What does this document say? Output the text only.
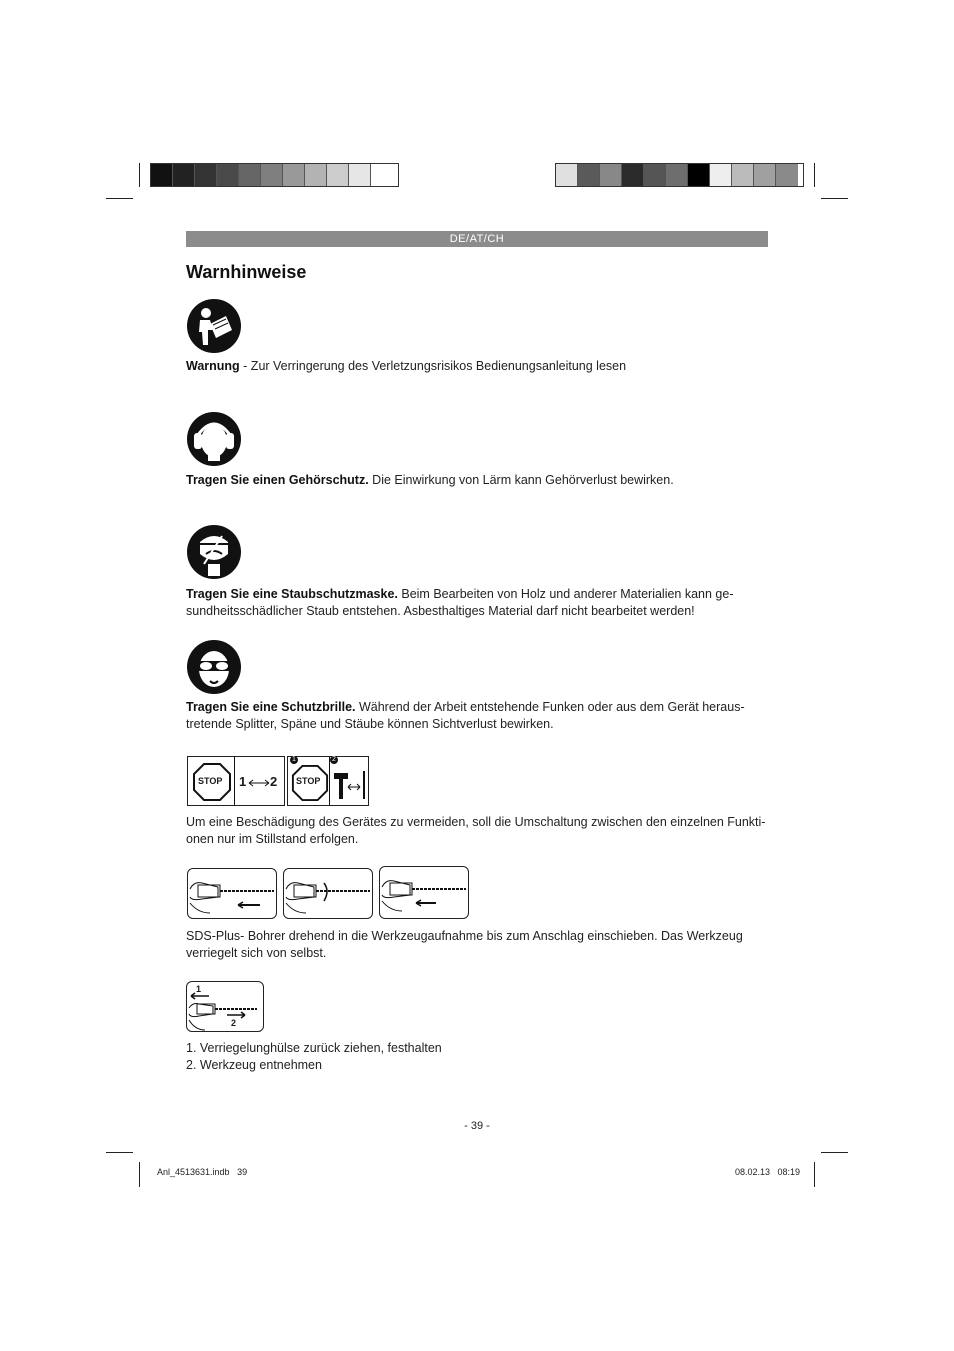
DE/AT/CH
Warnhinweise
Warnung - Zur Verringerung des Verletzungsrisikos Bedienungsanleitung lesen
Tragen Sie einen Gehörschutz. Die Einwirkung von Lärm kann Gehörverlust bewirken.
Tragen Sie eine Staubschutzmaske. Beim Bearbeiten von Holz und anderer Materialien kann ge-
sundheitsschädlicher Staub entstehen. Asbesthaltiges Material darf nicht bearbeitet werden!
Tragen Sie eine Schutzbrille. Während der Arbeit entstehende Funken oder aus dem Gerät heraus-
tretende Splitter, Späne und Stäube können Sichtverlust bewirken.
STOP 1 2
1
STOP
2
Um eine Beschädigung des Gerätes zu vermeiden, soll die Umschaltung zwischen den einzelnen Funkti-
onen nur im Stillstand erfolgen.
SDS-Plus- Bohrer drehend in die Werkzeugaufnahme bis zum Anschlag einschieben. Das Werkzeug
verriegelt sich von selbst.
1
2
1. Verriegelunghülse zurück ziehen, festhalten
2. Werkzeug entnehmen
- 39 -
Anl_4513631.indb   39	08.02.13   08:19
